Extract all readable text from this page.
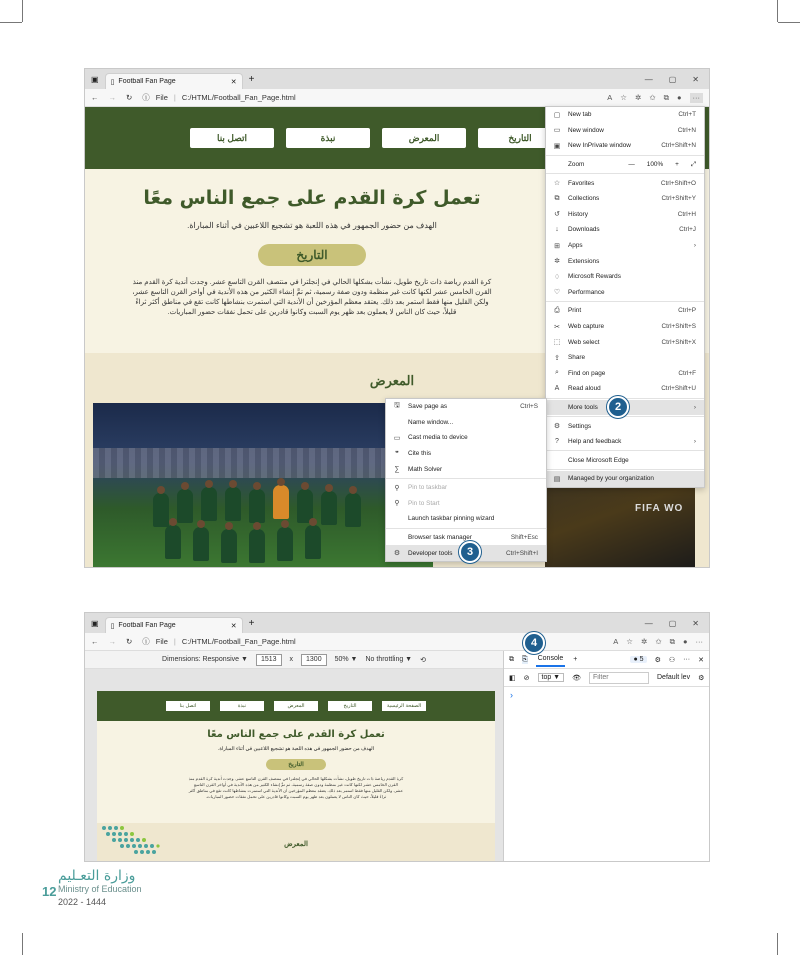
▣ ▯ Football Fan Page	✕ +	— ▢ ✕
← → ↻ ⓘ File | C:/HTML/Football_Fan_Page.html	A ☆ ✲ ✩ ⧉ ●	···
التاريخ
المعرض
نبذة
اتصل بنا
تعمل كرة القدم على جمع الناس معًا
الهدف من حضور الجمهور في هذه اللعبة هو تشجيع اللاعبين في أثناء المباراة.
التاريخ
كرة القدم رياضة ذات تاريخ طويل، نشأت بشكلها الحالي في إنجلترا في منتصف القرن التاسع عشر. وجدت أندية كرة القدم منذ القرن الخامس عشر لكنها كانت غير منظمة ودون صفة رسمية، ثم تمَّ إنشاء الكثير من هذه الأندية في أواخر القرن التاسع عشر، ولكن القليل منها فقط استمر بعد ذلك. يعتقد معظم المؤرخين أن الأندية التي استمرت بنشاطها كانت تقع في مناطق أكثر ثراءً قليلاً، حيث كان الناس لا يعملون بعد ظهر يوم السبت وكانوا قادرين على تحمل نفقات حضور المباريات.
المعرض
FIFA WO
▢ New tab	Ctrl+T
▭ New window	Ctrl+N
▣ New InPrivate window	Ctrl+Shift+N
Zoom	— 100% + ⤢
☆ Favorites	Ctrl+Shift+O
⧉	Collections	Ctrl+Shift+Y
↺	History	Ctrl+H
↓	Downloads	Ctrl+J
⊞	Apps	›
✲	Extensions
♢ Microsoft Rewards
♡ Performance
⎙	Print	Ctrl+P
✂	Web capture	Ctrl+Shift+S
⬚ Web select	Ctrl+Shift+X
⇪	Share
⌕	Find on page	Ctrl+F
A	Read aloud	Ctrl+Shift+U
More tools	›
⚙ Settings
?	Help and feedback	›
Close Microsoft Edge
▤ Managed by your organization
🖫	Save page as	Ctrl+S
Name window...
▭ Cast media to device
❞	Cite this
∑	Math Solver
⚲	Pin to taskbar
⚲	Pin to Start
Launch taskbar pinning wizard
Browser task manager	Shift+Esc
⚙ Developer tools	Ctrl+Shift+I
2
3
▣ ▯ Football Fan Page	✕ +	— ▢ ✕
← → ↻ ⓘ File | C:/HTML/Football_Fan_Page.html	A ☆ ✲ ✩ ⧉ ● ···
Dimensions: Responsive ▼	1513	x	1300	50% ▼ No throttling ▼ ⟲
الصفحة الرئيسية
التاريخ
المعرض
نبذة
اتصل بنا
تعمل كرة القدم على جمع الناس معًا
الهدف من حضور الجمهور في هذه اللعبة هو تشجيع اللاعبين في أثناء المباراة.
التاريخ
كرة القدم رياضة ذات تاريخ طويل، نشأت بشكلها الحالي في إنجلترا في منتصف القرن التاسع عشر. وجدت أندية كرة القدم منذ القرن الخامس عشر لكنها كانت غير منظمة ودون صفة رسمية، ثم تمَّ إنشاء الكثير من هذه الأندية في أواخر القرن التاسع عشر، ولكن القليل منها فقط استمر بعد ذلك. يعتقد معظم المؤرخين أن الأندية التي استمرت بنشاطها كانت تقع في مناطق أكثر ثراءً قليلاً، حيث كان الناس لا يعملون بعد ظهر يوم السبت وكانوا قادرين على تحمل نفقات حضور المباريات.
المعرض
⧉ ⎘ Console +	● 5	⚙ ⚇ ··· ✕
◧ ⊘	top ▼	👁
Filter	Default lev ⚙
›
4
وزارة التعـليم
12 Ministry of Education
2022 - 1444
